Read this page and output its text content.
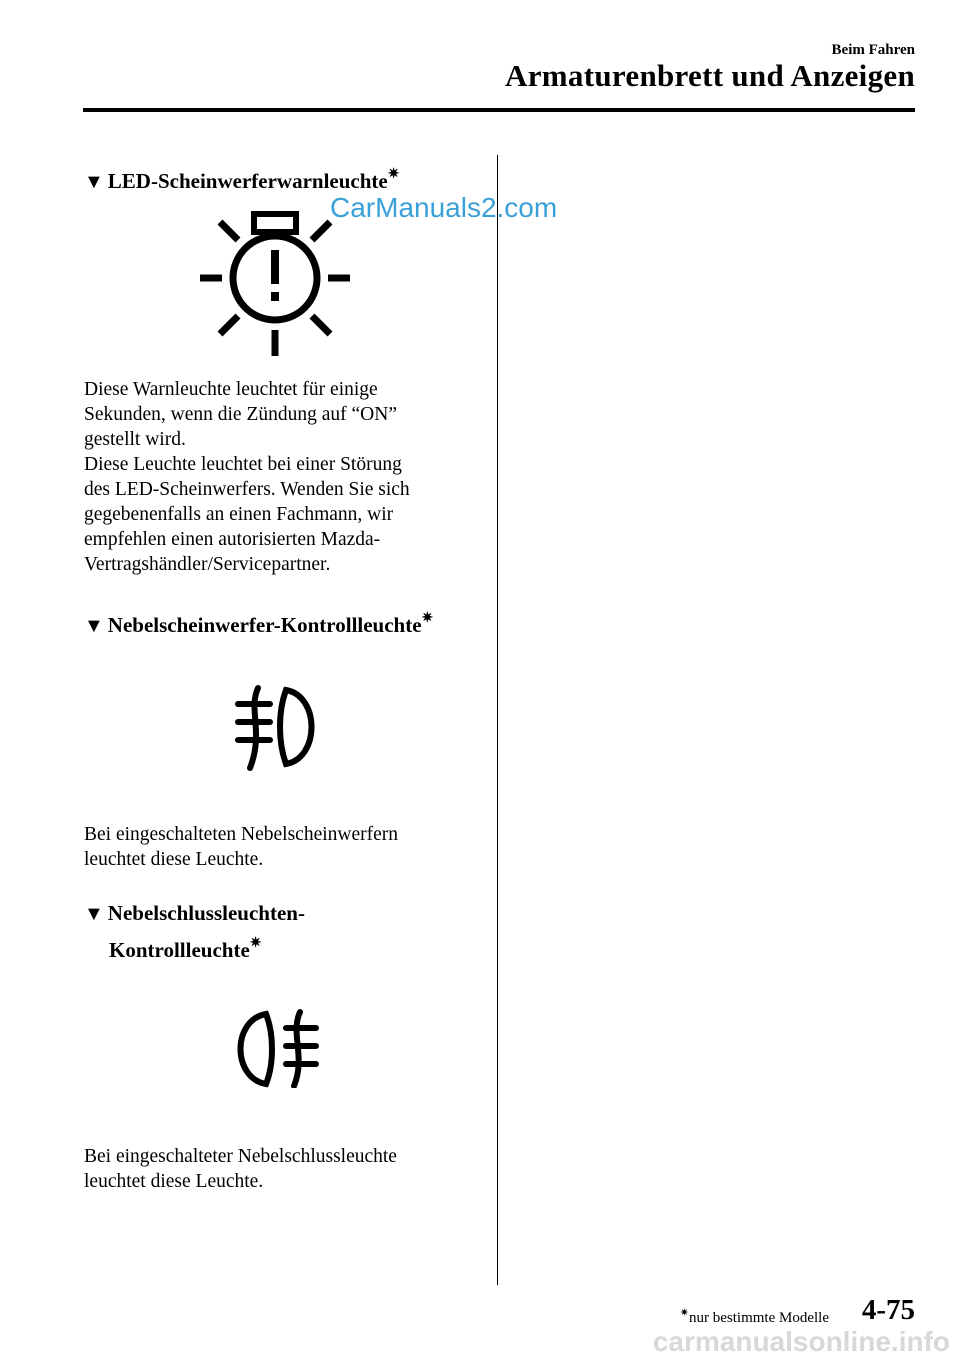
Beim Fahren
Armaturenbrett und Anzeigen
▼ LED-Scheinwerferwarnleuchte✷
CarManuals2.com
Diese Warnleuchte leuchtet für einige
Sekunden, wenn die Zündung auf “ON”
gestellt wird.
Diese Leuchte leuchtet bei einer Störung
des LED-Scheinwerfers. Wenden Sie sich
gegebenenfalls an einen Fachmann, wir
empfehlen einen autorisierten Mazda-
Vertragshändler/Servicepartner.
▼ Nebelscheinwerfer-Kontrollleuchte✷
Bei eingeschalteten Nebelscheinwerfern
leuchtet diese Leuchte.
▼ Nebelschlussleuchten-
Kontrollleuchte✷
Bei eingeschalteter Nebelschlussleuchte
leuchtet diese Leuchte.
✷nur bestimmte Modelle 4-75
carmanualsonline.info
